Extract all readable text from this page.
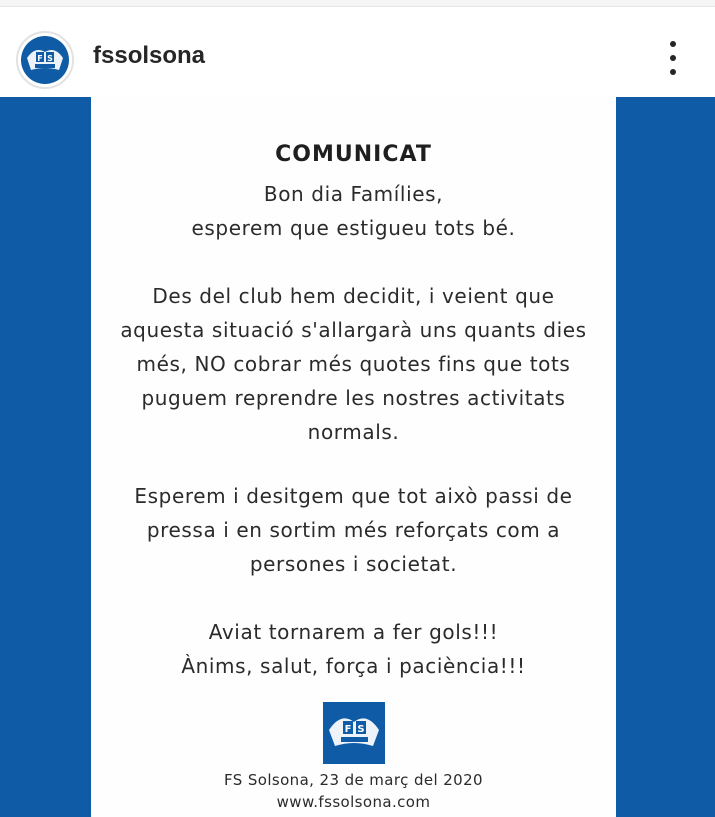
F S fssolsona
COMUNICAT
Bon dia Famílies,
esperem que estigueu tots bé.
Des del club hem decidit, i veient que
aquesta situació s'allargarà uns quants dies
més, NO cobrar més quotes fins que tots
puguem reprendre les nostres activitats
normals.
Esperem i desitgem que tot això passi de
pressa i en sortim més reforçats com a
persones i societat.
Aviat tornarem a fer gols!!!
Ànims, salut, força i paciència!!!
F S
FS Solsona, 23 de març del 2020
www.fssolsona.com
